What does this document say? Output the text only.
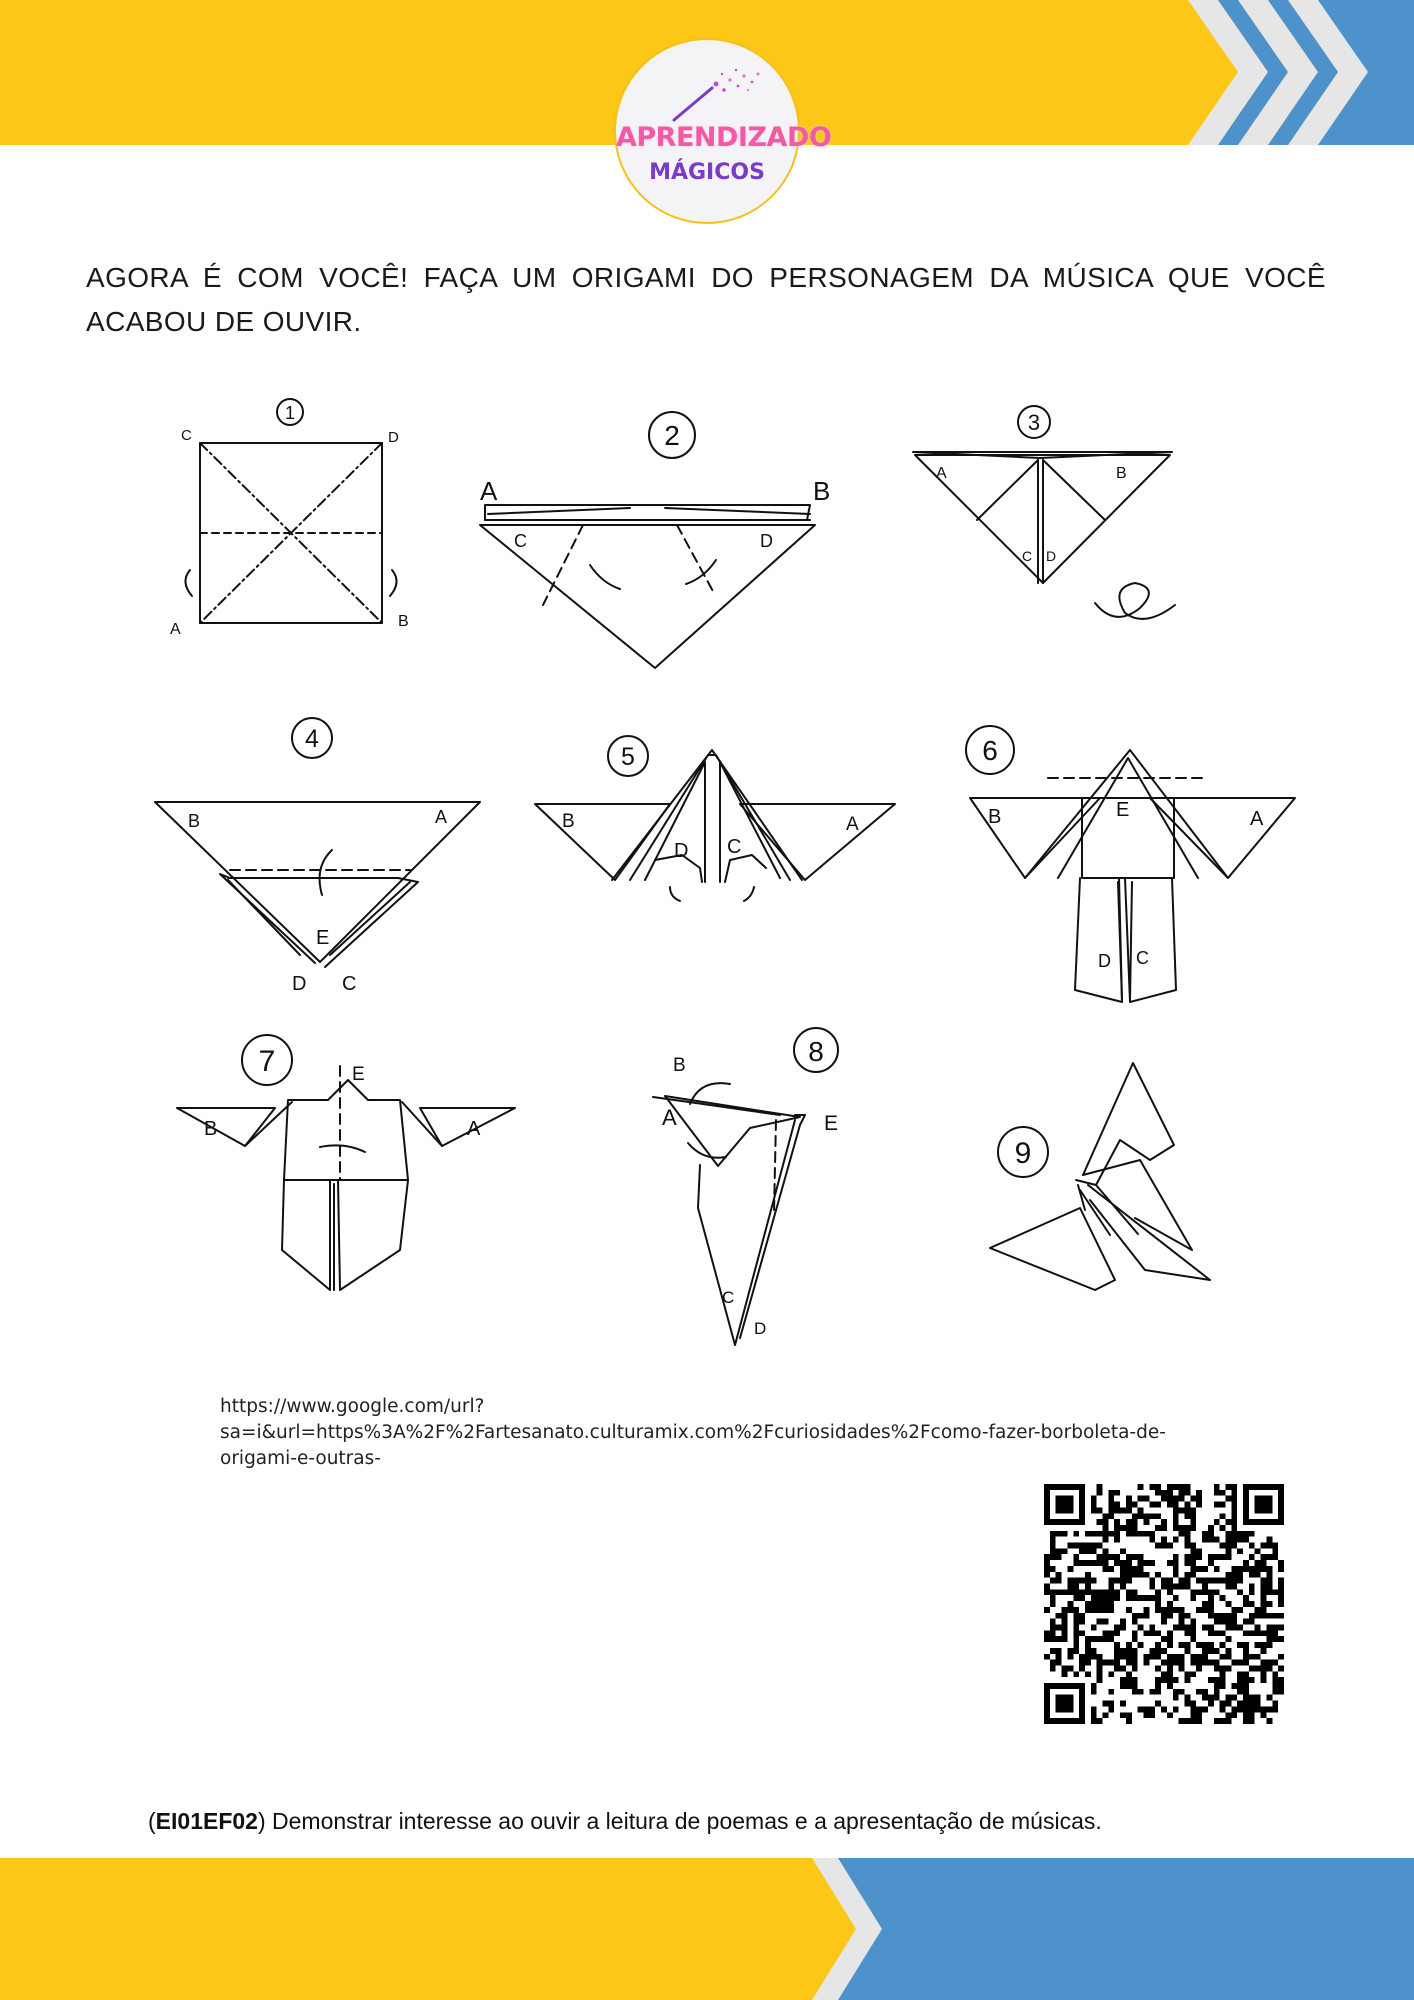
APRENDIZADO
MÁGICOS
AGORA É COM VOCÊ! FAÇA UM ORIGAMI DO PERSONAGEM DA MÚSICA QUE VOCÊ ACABOU DE OUVIR.
1
C	D
A	B
2
A	B
C	D
3
A	B
C D
4
B	A
E
D C
5
B	A
D C
6
B	E	A
D C
7	E
B	A
8
B
A	E
C
D
9
https://www.google.com/url?sa=i&url=https%3A%2F%2Fartesanato.culturamix.com%2Fcuriosidades%2Fcomo-fazer-borboleta-de-origami-e-outras-
(EI01EF02) Demonstrar interesse ao ouvir a leitura de poemas e a apresentação de músicas.
